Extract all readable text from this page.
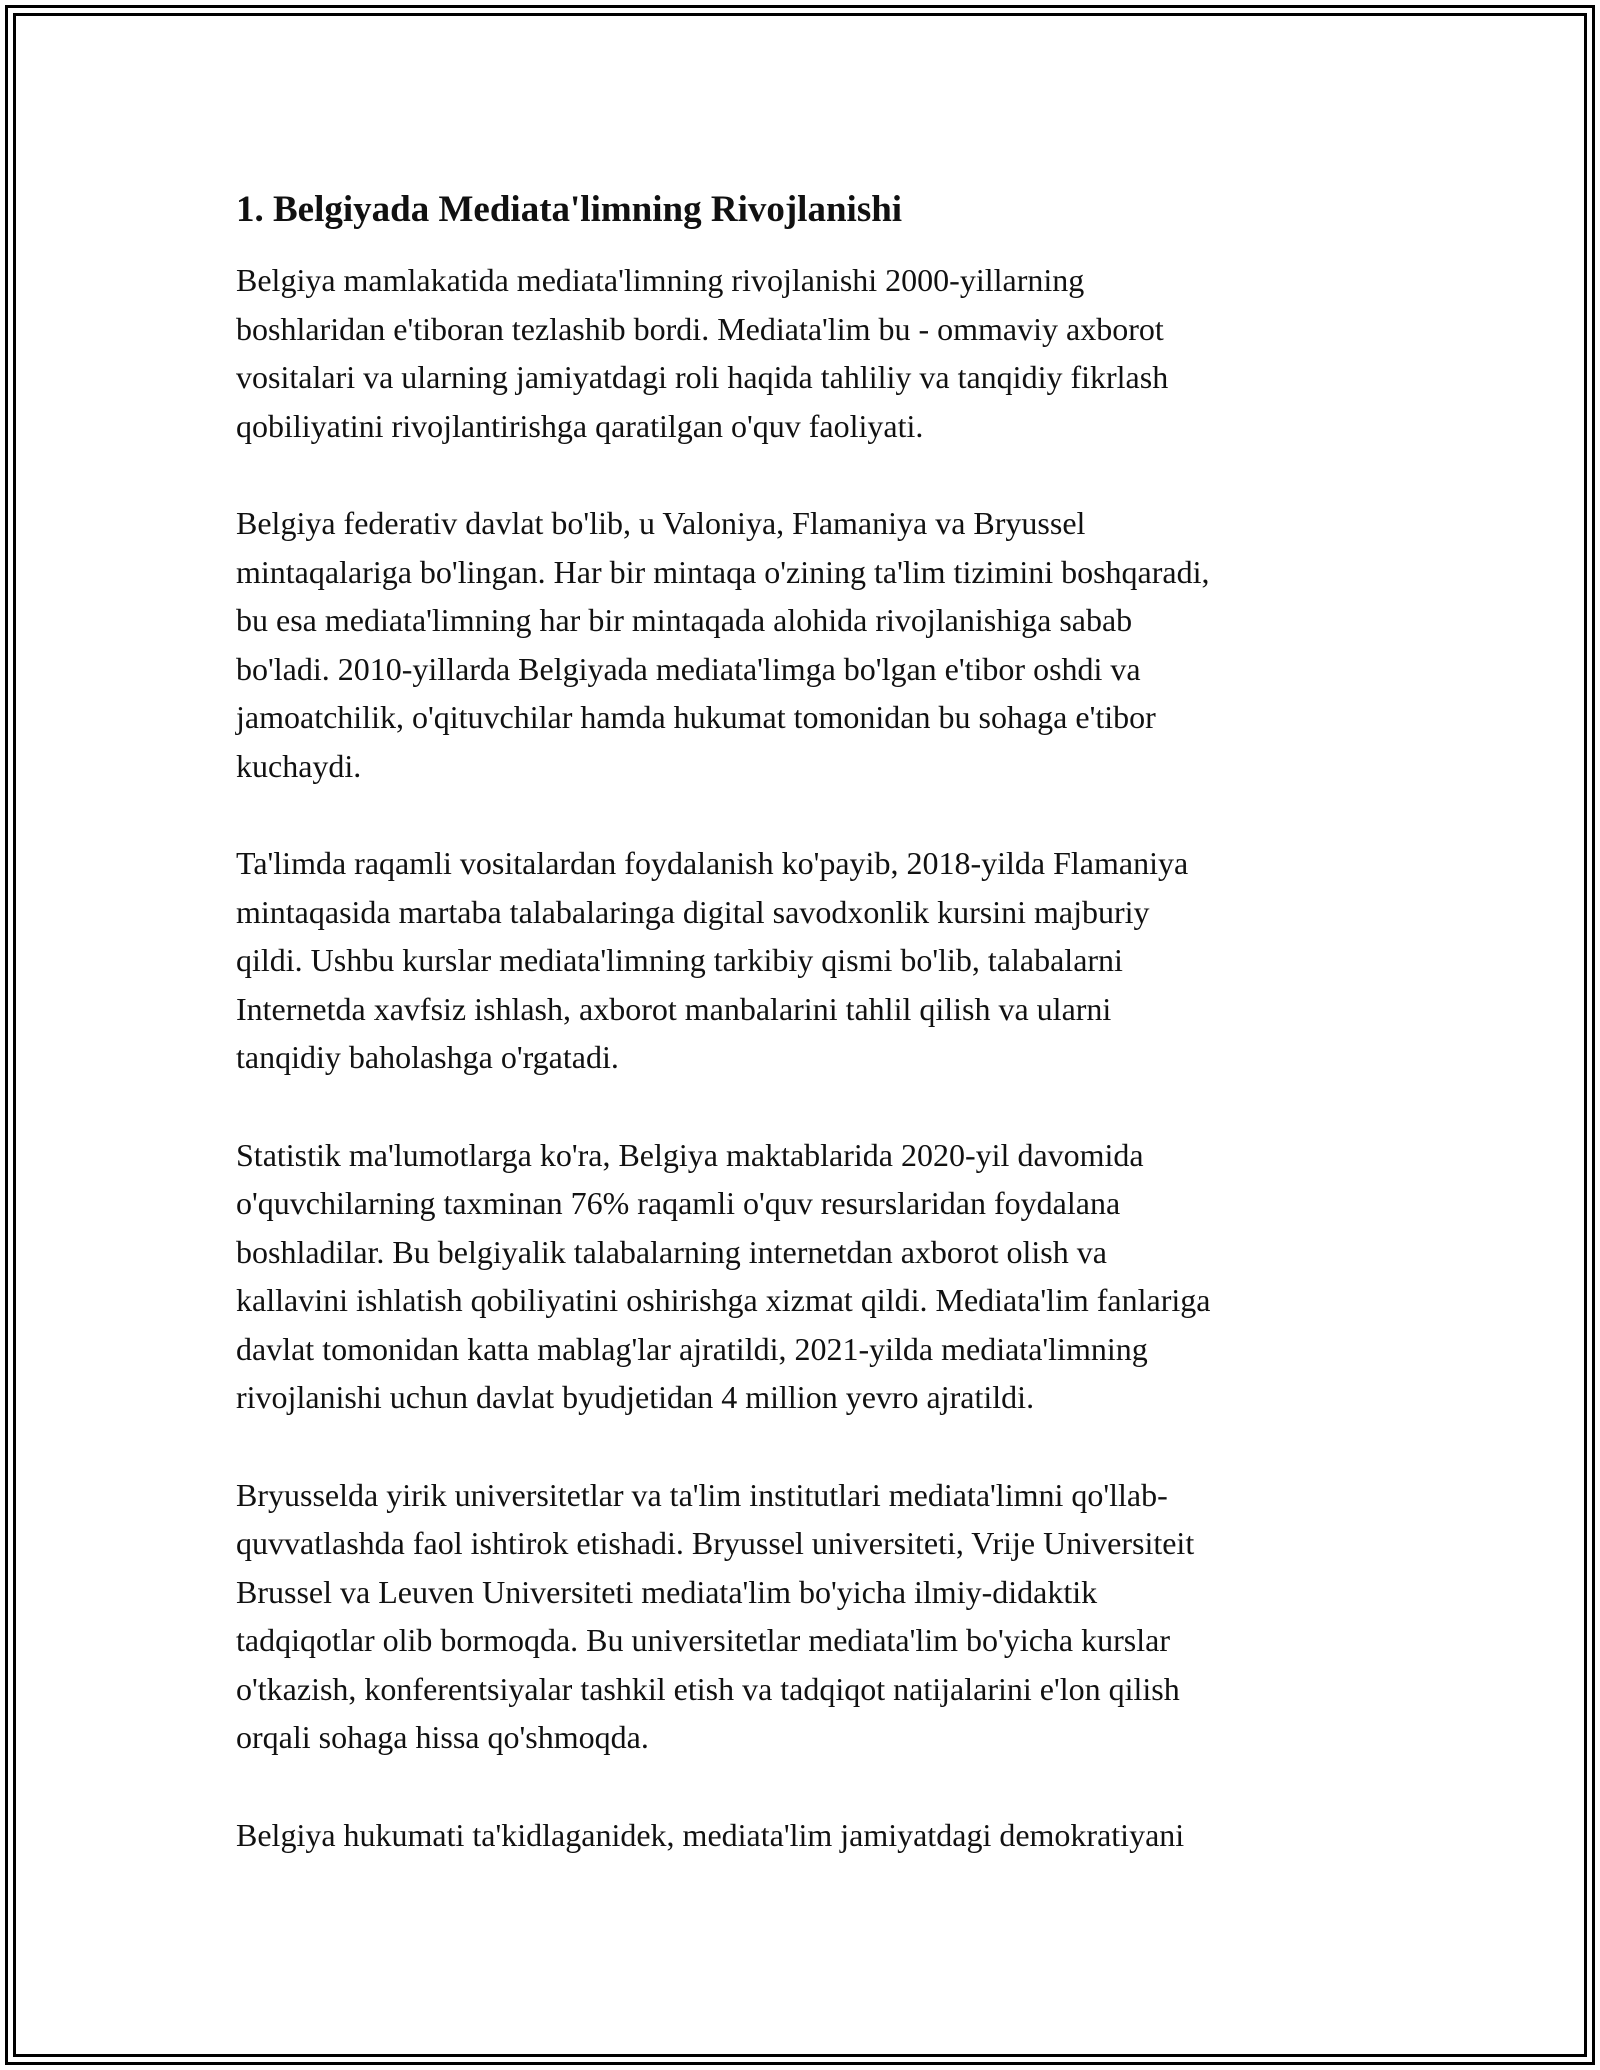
1. Belgiyada Mediata'limning Rivojlanishi

Belgiya mamlakatida mediata'limning rivojlanishi 2000-yillarning
boshlaridan e'tiboran tezlashib bordi. Mediata'lim bu - ommaviy axborot
vositalari va ularning jamiyatdagi roli haqida tahliliy va tanqidiy fikrlash
qobiliyatini rivojlantirishga qaratilgan o'quv faoliyati.

Belgiya federativ davlat bo'lib, u Valoniya, Flamaniya va Bryussel
mintaqalariga bo'lingan. Har bir mintaqa o'zining ta'lim tizimini boshqaradi,
bu esa mediata'limning har bir mintaqada alohida rivojlanishiga sabab
bo'ladi. 2010-yillarda Belgiyada mediata'limga bo'lgan e'tibor oshdi va
jamoatchilik, o'qituvchilar hamda hukumat tomonidan bu sohaga e'tibor
kuchaydi.

Ta'limda raqamli vositalardan foydalanish ko'payib, 2018-yilda Flamaniya
mintaqasida martaba talabalaringa digital savodxonlik kursini majburiy
qildi. Ushbu kurslar mediata'limning tarkibiy qismi bo'lib, talabalarni
Internetda xavfsiz ishlash, axborot manbalarini tahlil qilish va ularni
tanqidiy baholashga o'rgatadi.

Statistik ma'lumotlarga ko'ra, Belgiya maktablarida 2020-yil davomida
o'quvchilarning taxminan 76% raqamli o'quv resurslaridan foydalana
boshladilar. Bu belgiyalik talabalarning internetdan axborot olish va
kallavini ishlatish qobiliyatini oshirishga xizmat qildi. Mediata'lim fanlariga
davlat tomonidan katta mablag'lar ajratildi, 2021-yilda mediata'limning
rivojlanishi uchun davlat byudjetidan 4 million yevro ajratildi.

Bryusselda yirik universitetlar va ta'lim institutlari mediata'limni qo'llab-
quvvatlashda faol ishtirok etishadi. Bryussel universiteti, Vrije Universiteit
Brussel va Leuven Universiteti mediata'lim bo'yicha ilmiy-didaktik
tadqiqotlar olib bormoqda. Bu universitetlar mediata'lim bo'yicha kurslar
o'tkazish, konferentsiyalar tashkil etish va tadqiqot natijalarini e'lon qilish
orqali sohaga hissa qo'shmoqda.

Belgiya hukumati ta'kidlaganidek, mediata'lim jamiyatdagi demokratiyani
